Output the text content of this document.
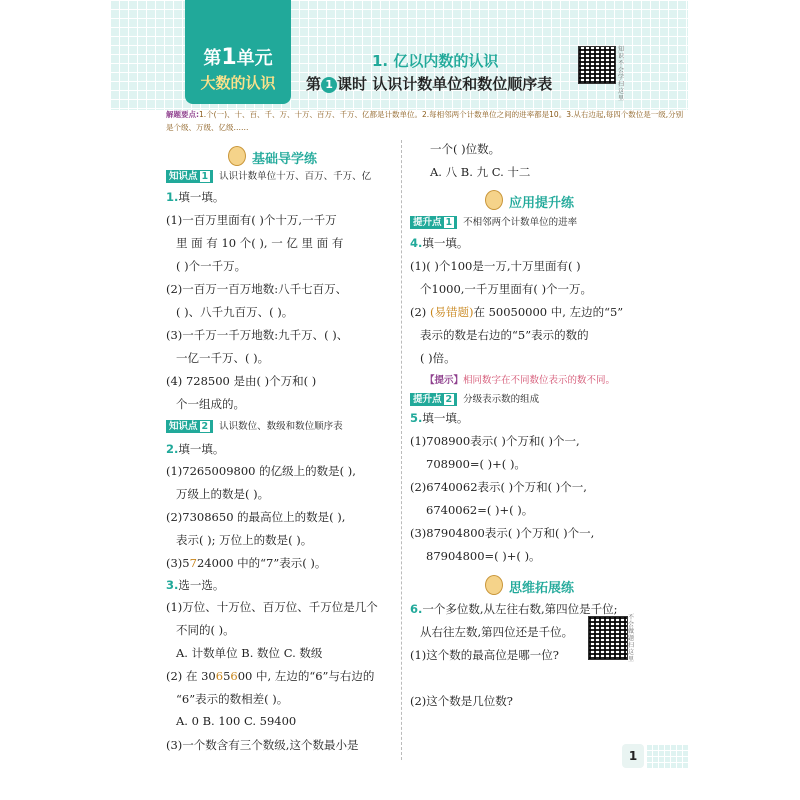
第1单元
大数的认识
1. 亿以内数的认识
第 1 课时 认识计数单位和数位顺序表
知识不会学扫这里
解题要点:1.个(一)、十、百、千、万、十万、百万、千万、亿都是计数单位。2.每相邻两个计数单位之间的进率都是10。3.从右边起,每四个数位是一级,分别是个级、万级、亿级……
基础导学练
知识点 1 认识计数单位十万、百万、千万、亿
1.填一填。
(1)一百万里面有( )个十万,一千万
里 面 有 10 个( ), 一 亿 里 面 有
( )个一千万。
(2)一百万一百万地数:八千七百万、
( )、八千九百万、( )。
(3)一千万一千万地数:九千万、( )、
一亿一千万、( )。
(4) 728500 是由( )个万和( )
个一组成的。
2.填一填。
(1)7265009800 的亿级上的数是( ),
万级上的数是( )。
(2)7308650 的最高位上的数是( ),
表示( ); 万位上的数是( )。
(3)5724000 中的“7”表示( )。
3.选一选。
(1)万位、十万位、百万位、千万位是几个
不同的( )。
A. 计数单位 B. 数位 C. 数级
(2) 在 3065600 中, 左边的“6”与右边的
“6”表示的数相差( )。
A. 0 B. 100 C. 59400
(3)一个数含有三个数级,这个数最小是
知识点 2 认识数位、数级和数位顺序表
一个( )位数。
A. 八 B. 九 C. 十二
4.填一填。
(1)( )个100是一万,十万里面有( )
个1000,一千万里面有( )个一万。
(2) (易错题)在 50050000 中, 左边的“5”
表示的数是右边的“5”表示的数的
( )倍。
5.填一填。
(1)708900表示( )个万和( )个一,
708900=( )+( )。
(2)6740062表示( )个万和( )个一,
6740062=( )+( )。
(3)87904800表示( )个万和( )个一,
87904800=( )+( )。
6.一个多位数,从左往右数,第四位是千位;
从右往左数,第四位还是千位。
(1)这个数的最高位是哪一位?
(2)这个数是几位数?
应用提升练
提升点 1 不相邻两个计数单位的进率
【提示】相同数字在不同数位表示的数不同。
提升点 2 分级表示数的组成
思维拓展练
不会做题扫这里
1
